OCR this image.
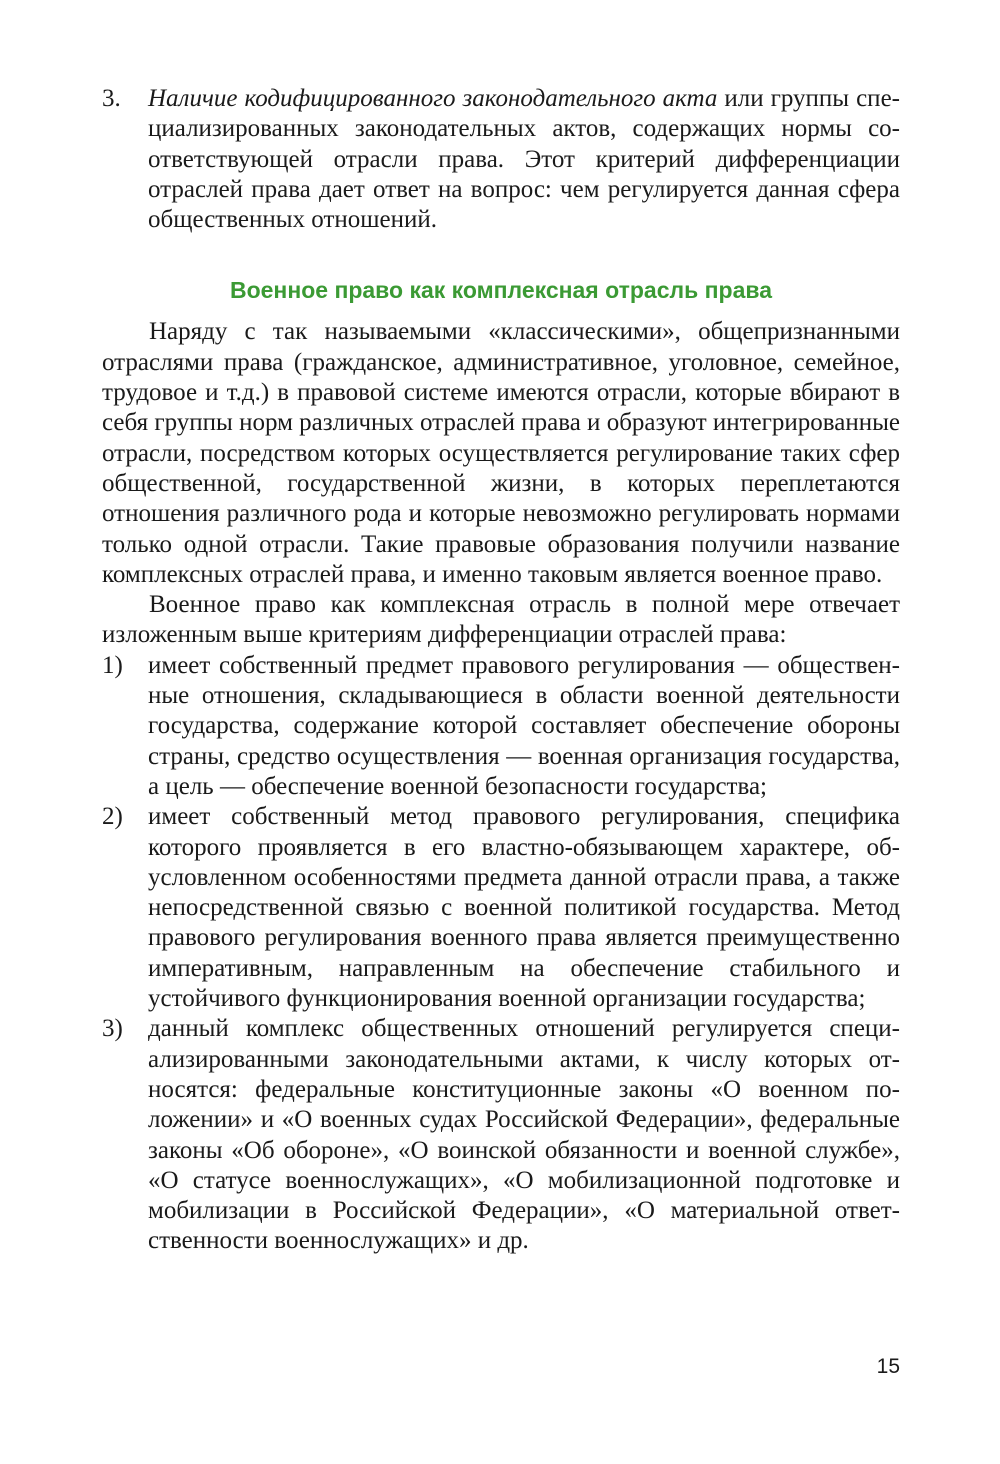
3.	Наличие кодифицированного законодательного акта или группы специализированных законодательных актов, содержащих нормы соответствующей отрасли права. Этот критерий дифференциации отраслей права дает ответ на вопрос: чем регулируется данная сфера общественных отношений.

Военное право как комплексная отрасль права

Наряду с так называемыми «классическими», общепризнанными отраслями права (гражданское, административное, уголовное, семейное, трудовое и т.д.) в правовой системе имеются отрасли, которые вбирают в себя группы норм различных отраслей права и образуют интегрированные отрасли, посредством которых осуществляется регулирование таких сфер общественной, государственной жизни, в которых переплетаются отношения различного рода и которые невозможно регулировать нормами только одной отрасли. Такие правовые образования получили название комплексных отраслей права, и именно таковым является военное право.

Военное право как комплексная отрасль в полной мере отвечает изложенным выше критериям дифференциации отраслей права:

1)	имеет собственный предмет правового регулирования — общественные отношения, складывающиеся в области военной деятельности государства, содержание которой составляет обеспечение обороны страны, средство осуществления — военная организация государства, а цель — обеспечение военной безопасности государства;

2)	имеет собственный метод правового регулирования, специфика которого проявляется в его властно-обязывающем характере, обусловленном особенностями предмета данной отрасли права, а также непосредственной связью с военной политикой государства. Метод правового регулирования военного права является преимущественно императивным, направленным на обеспечение стабильного и устойчивого функционирования военной организации государства;

3)	данный комплекс общественных отношений регулируется специализированными законодательными актами, к числу которых относятся: федеральные конституционные законы «О военном положении» и «О военных судах Российской Федерации», федеральные законы «Об обороне», «О воинской обязанности и военной службе», «О статусе военнослужащих», «О мобилизационной подготовке и мобилизации в Российской Федерации», «О материальной ответственности военнослужащих» и др.

15
